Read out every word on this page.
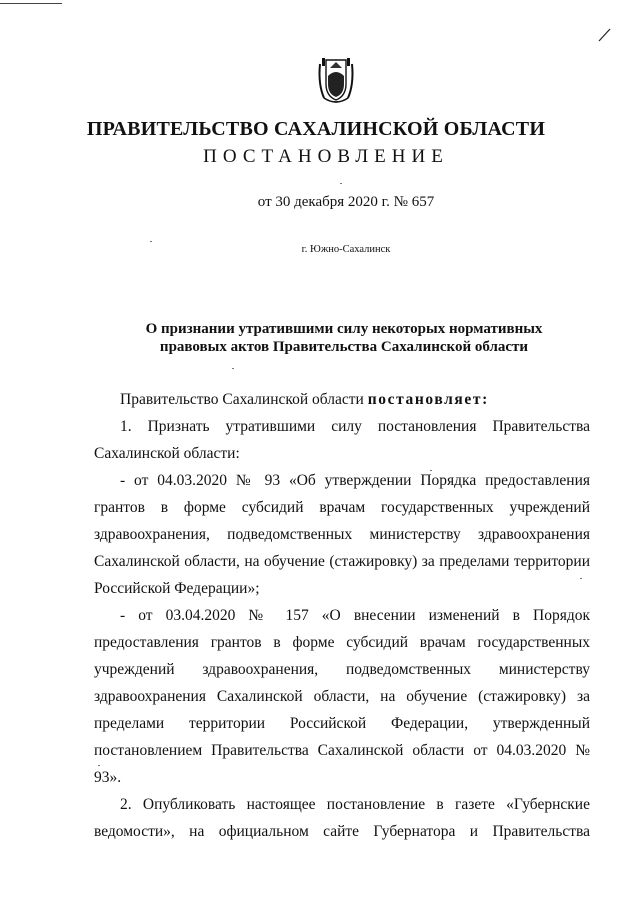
ПРАВИТЕЛЬСТВО САХАЛИНСКОЙ ОБЛАСТИ
ПОСТАНОВЛЕНИЕ
от 30 декабря 2020 г. № 657
г. Южно-Сахалинск
О признании утратившими силу некоторых нормативных
правовых актов Правительства Сахалинской области

Правительство Сахалинской области постановляет:

1. Признать утратившими силу постановления Правительства Сахалинской области:

- от 04.03.2020 № 93 «Об утверждении Порядка предоставления грантов в форме субсидий врачам государственных учреждений здравоохранения, подведомственных министерству здравоохранения Сахалинской области, на обучение (стажировку) за пределами территории Российской Федерации»;

- от 03.04.2020 № 157 «О внесении изменений в Порядок предоставления грантов в форме субсидий врачам государственных учреждений здравоохранения, подведомственных министерству здравоохранения Сахалинской области, на обучение (стажировку) за пределами территории Российской Федерации, утвержденный постановлением Правительства Сахалинской области от 04.03.2020 № 93».

2. Опубликовать настоящее постановление в газете «Губернские ведомости», на официальном сайте Губернатора и Правительства
